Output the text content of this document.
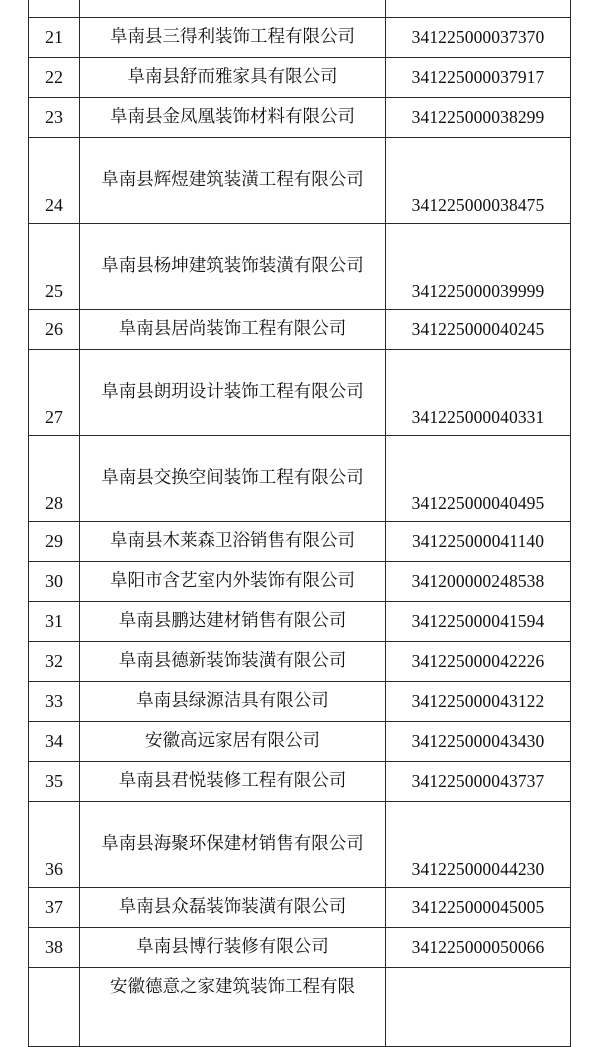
21	阜南县三得利装饰工程有限公司	341225000037370
22	阜南县舒而雅家具有限公司	341225000037917
23	阜南县金凤凰装饰材料有限公司	341225000038299
24	阜南县辉煜建筑装潢工程有限公司	341225000038475
25	阜南县杨坤建筑装饰装潢有限公司	341225000039999
26	阜南县居尚装饰工程有限公司	341225000040245
27	阜南县朗玥设计装饰工程有限公司	341225000040331
28	阜南县交换空间装饰工程有限公司	341225000040495
29	阜南县木莱森卫浴销售有限公司	341225000041140
30	阜阳市含艺室内外装饰有限公司	341200000248538
31	阜南县鹏达建材销售有限公司	341225000041594
32	阜南县德新装饰装潢有限公司	341225000042226
33	阜南县绿源洁具有限公司	341225000043122
34	安徽高远家居有限公司	341225000043430
35	阜南县君悦装修工程有限公司	341225000043737
36	阜南县海聚环保建材销售有限公司	341225000044230
37	阜南县众磊装饰装潢有限公司	341225000045005
38	阜南县博行装修有限公司	341225000050066
	安徽德意之家建筑装饰工程有限	
